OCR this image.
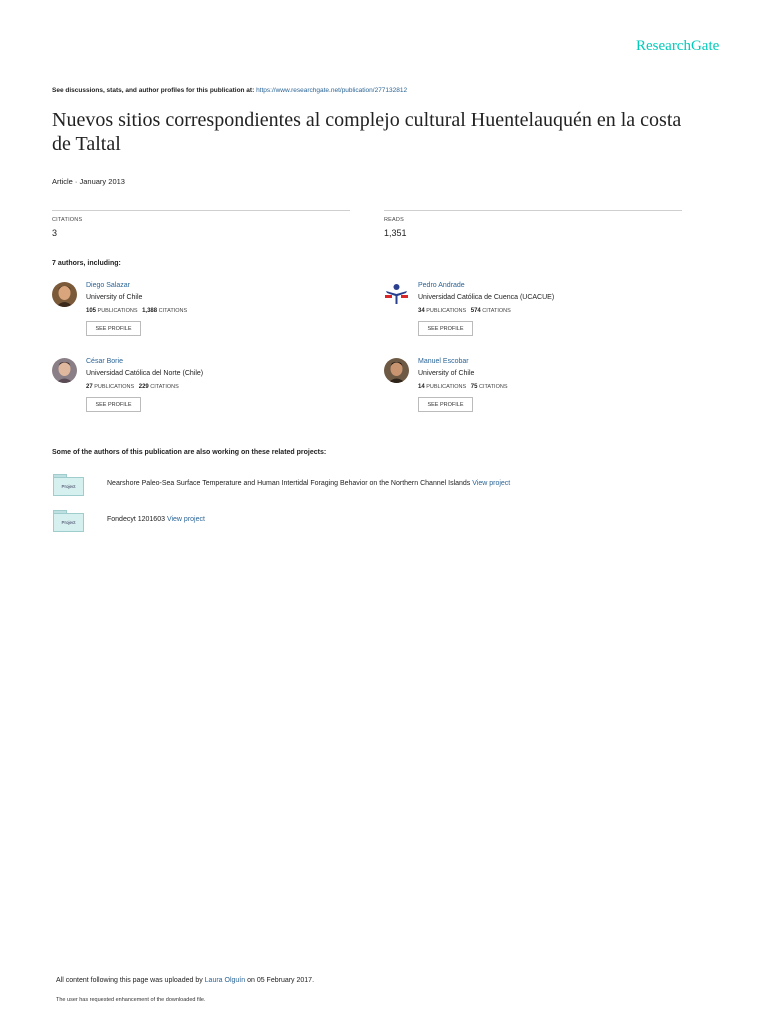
ResearchGate
See discussions, stats, and author profiles for this publication at: https://www.researchgate.net/publication/277132812
Nuevos sitios correspondientes al complejo cultural Huentelauquén en la costa de Taltal
Article · January 2013
CITATIONS
3
READS
1,351
7 authors, including:
Diego Salazar
University of Chile
105 PUBLICATIONS 1,388 CITATIONS
SEE PROFILE
Pedro Andrade
Universidad Católica de Cuenca (UCACUE)
34 PUBLICATIONS 574 CITATIONS
SEE PROFILE
César Borie
Universidad Católica del Norte (Chile)
27 PUBLICATIONS 229 CITATIONS
SEE PROFILE
Manuel Escobar
University of Chile
14 PUBLICATIONS 75 CITATIONS
SEE PROFILE
Some of the authors of this publication are also working on these related projects:
Project	Nearshore Paleo-Sea Surface Temperature and Human Intertidal Foraging Behavior on the Northern Channel Islands View project
Project	Fondecyt 1201603 View project
All content following this page was uploaded by Laura Olguín on 05 February 2017.
The user has requested enhancement of the downloaded file.
